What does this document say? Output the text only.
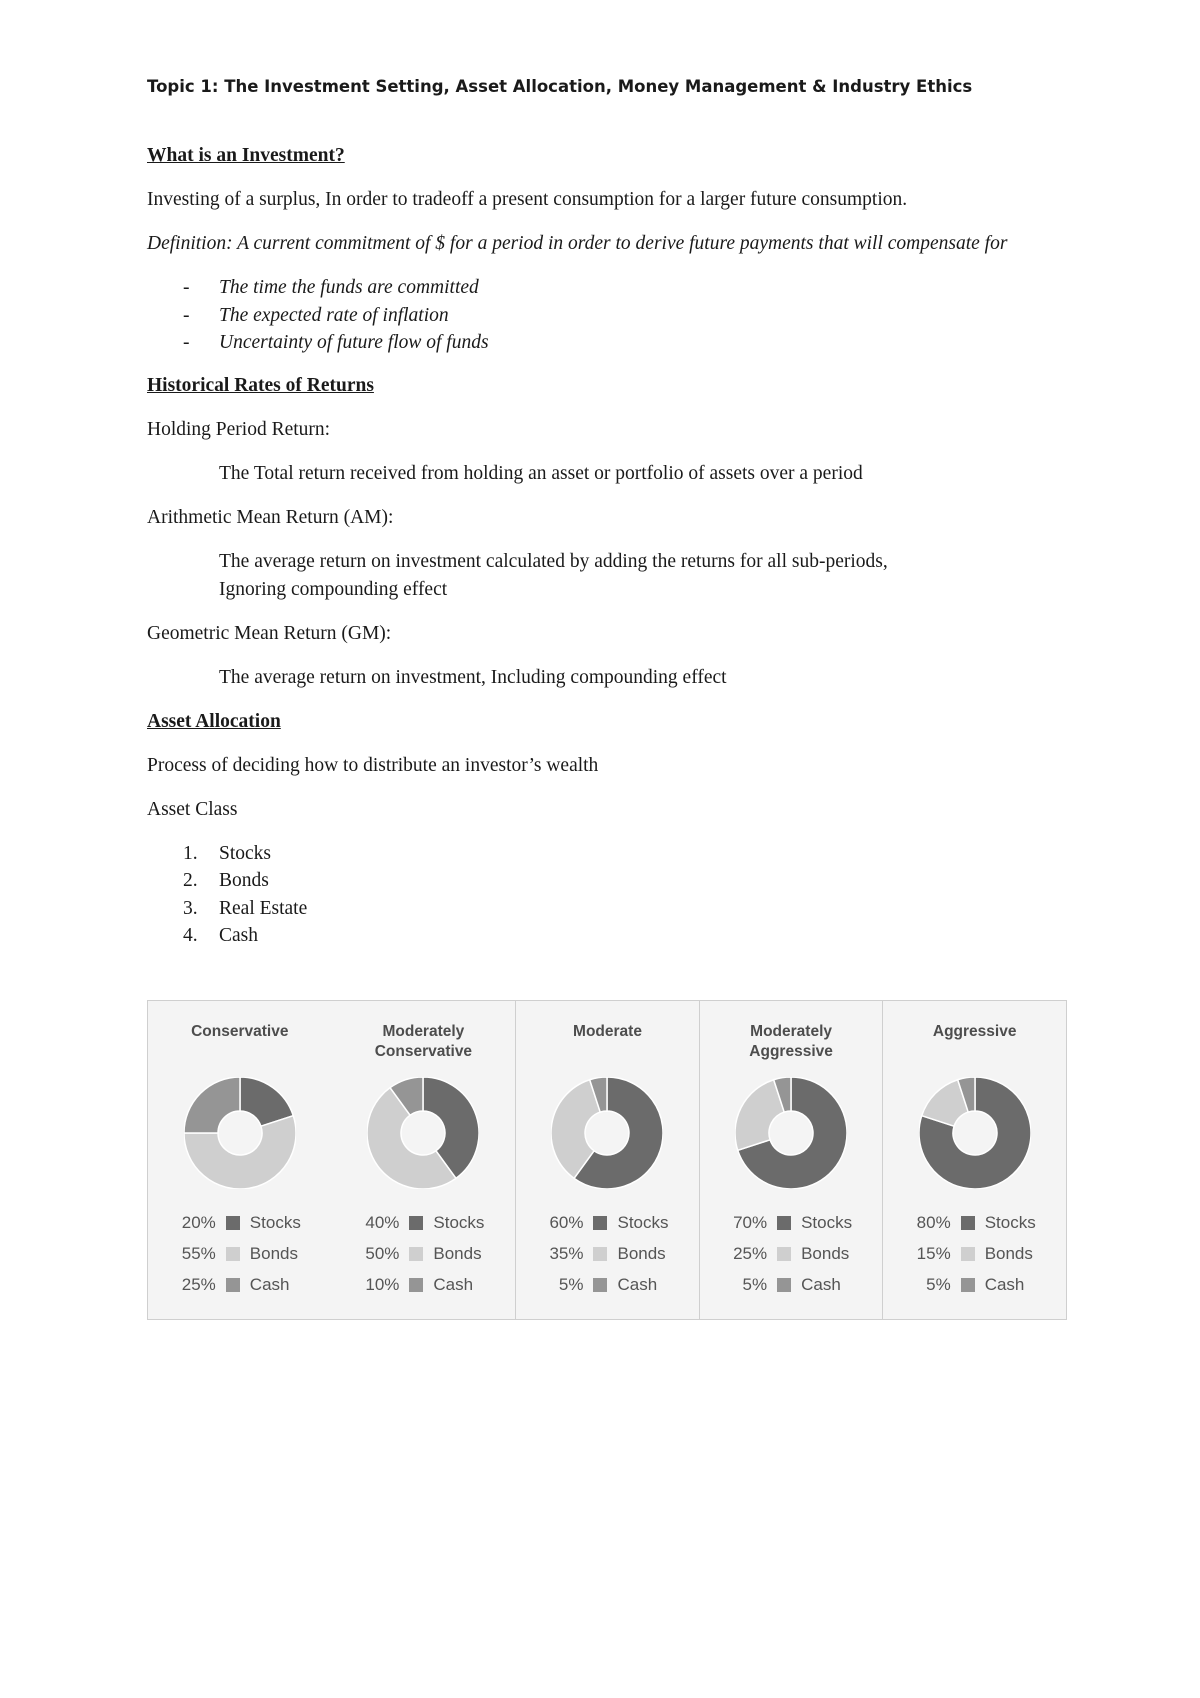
Topic 1: The Investment Setting, Asset Allocation, Money Management & Industry Ethics

What is an Investment?

Investing of a surplus, In order to tradeoff a present consumption for a larger future consumption.

Definition: A current commitment of $ for a period in order to derive future payments that will compensate for

- The time the funds are committed
- The expected rate of inflation
- Uncertainty of future flow of funds

Historical Rates of Returns

Holding Period Return:

The Total return received from holding an asset or portfolio of assets over a period

Arithmetic Mean Return (AM):

The average return on investment calculated by adding the returns for all sub-periods,

Ignoring compounding effect

Geometric Mean Return (GM):

The average return on investment, Including compounding effect

Asset Allocation

Process of deciding how to distribute an investor’s wealth

Asset Class

1. Stocks
2. Bonds
3. Real Estate
4. Cash
Conservative
20% Stocks
55% Bonds
25% Cash
Moderately
Conservative
40% Stocks
50% Bonds
10% Cash
Moderate
60% Stocks
35% Bonds
5% Cash
Moderately
Aggressive
70% Stocks
25% Bonds
5% Cash
Aggressive
80% Stocks
15% Bonds
5% Cash
